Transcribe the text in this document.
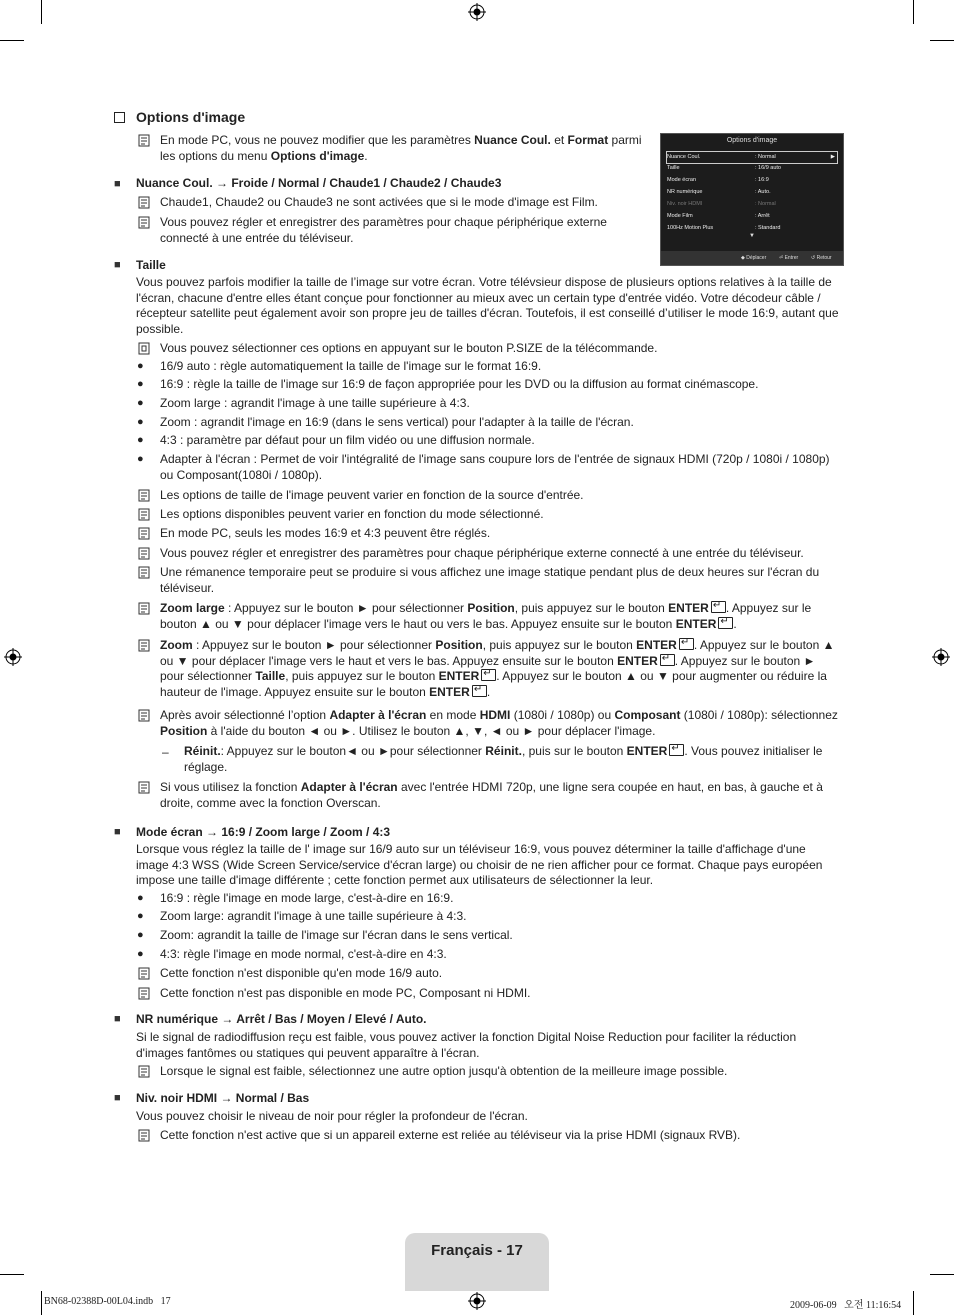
Options d'image
En mode PC, vous ne pouvez modifier que les paramètres Nuance Coul. et Format parmi les options du menu Options d'image.
Options d'image
Nuance Coul.	: Normal	▶
Taille	: 16/9 auto
Mode écran	: 16:9
NR numérique	: Auto.
Niv. noir HDMI	: Normal
Mode Film	: Arrêt
100Hz Motion Plus	: Standard
▼
◆ Déplacer	⏎ Entrer	↺ Retour
■ Nuance Coul. → Froide / Normal / Chaude1 / Chaude2 / Chaude3
Chaude1, Chaude2 ou Chaude3 ne sont activées que si le mode d'image est Film.
Vous pouvez régler et enregistrer des paramètres pour chaque périphérique externe connecté à une entrée du téléviseur.
■ Taille
Vous pouvez parfois modifier la taille de l’image sur votre écran. Votre télévsieur dispose de plusieurs options relatives à la taille de l'écran, chacune d'entre elles étant conçue pour fonctionner au mieux avec un certain type d'entrée vidéo. Votre décodeur câble / récepteur satellite peut également avoir son propre jeu de tailles d'écran. Toutefois, il est conseillé d’utiliser le mode 16:9, autant que possible.
Vous pouvez sélectionner ces options en appuyant sur le bouton P.SIZE de la télécommande.
● 16/9 auto : règle automatiquement la taille de l'image sur le format 16:9.
● 16:9 : règle la taille de l'image sur 16:9 de façon appropriée pour les DVD ou la diffusion au format cinémascope.
● Zoom large : agrandit l'image à une taille supérieure à 4:3.
● Zoom : agrandit l'image en 16:9 (dans le sens vertical) pour l'adapter à la taille de l'écran.
● 4:3 : paramètre par défaut pour un film vidéo ou une diffusion normale.
● Adapter à l'écran : Permet de voir l'intégralité de l'image sans coupure lors de l'entrée de signaux HDMI (720p / 1080i / 1080p) ou Composant(1080i / 1080p).
Les options de taille de l'image peuvent varier en fonction de la source d'entrée.
Les options disponibles peuvent varier en fonction du mode sélectionné.
En mode PC, seuls les modes 16:9 et 4:3 peuvent être réglés.
Vous pouvez régler et enregistrer des paramètres pour chaque périphérique externe connecté à une entrée du téléviseur.
Une rémanence temporaire peut se produire si vous affichez une image statique pendant plus de deux heures sur l'écran du téléviseur.
Zoom large : Appuyez sur le bouton ► pour sélectionner Position, puis appuyez sur le bouton ENTER ↵ . Appuyez sur le bouton ▲ ou ▼ pour déplacer l'image vers le haut ou vers le bas. Appuyez ensuite sur le bouton ENTER ↵ .
Zoom : Appuyez sur le bouton ► pour sélectionner Position, puis appuyez sur le bouton ENTER ↵ . Appuyez sur le bouton ▲ ou ▼ pour déplacer l'image vers le haut et vers le bas. Appuyez ensuite sur le bouton ENTER ↵ . Appuyez sur le bouton ► pour sélectionner Taille, puis appuyez sur le bouton ENTER ↵ . Appuyez sur le bouton ▲ ou ▼ pour augmenter ou réduire la hauteur de l'image. Appuyez ensuite sur le bouton ENTER ↵ .
Après avoir sélectionné l’option Adapter à l'écran en mode HDMI (1080i / 1080p) ou Composant (1080i / 1080p): sélectionnez Position à l'aide du bouton ◄ ou ►. Utilisez le bouton ▲, ▼, ◄ ou ► pour déplacer l'image.
– Réinit.: Appuyez sur le bouton◄ ou ►pour sélectionner Réinit., puis sur le bouton ENTER ↵ . Vous pouvez initialiser le réglage.
Si vous utilisez la fonction Adapter à l'écran avec l'entrée HDMI 720p, une ligne sera coupée en haut, en bas, à gauche et à droite, comme avec la fonction Overscan.
■ Mode écran → 16:9 / Zoom large / Zoom / 4:3
Lorsque vous réglez la taille de l' image sur 16/9 auto sur un téléviseur 16:9, vous pouvez déterminer la taille d'affichage d'une image 4:3 WSS (Wide Screen Service/service d'écran large) ou choisir de ne rien afficher pour ce format. Chaque pays européen impose une taille d'image différente ; cette fonction permet aux utilisateurs de sélectionner la leur.
● 16:9 : règle l'image en mode large, c'est-à-dire en 16:9.
● Zoom large: agrandit l'image à une taille supérieure à 4:3.
● Zoom: agrandit la taille de l'image sur l'écran dans le sens vertical.
● 4:3: règle l'image en mode normal, c'est-à-dire en 4:3.
Cette fonction n'est disponible qu'en mode 16/9 auto.
Cette fonction n'est pas disponible en mode PC, Composant ni HDMI.
■ NR numérique → Arrêt / Bas / Moyen / Elevé / Auto.
Si le signal de radiodiffusion reçu est faible, vous pouvez activer la fonction Digital Noise Reduction pour faciliter la réduction d'images fantômes ou statiques qui peuvent apparaître à l'écran.
Lorsque le signal est faible, sélectionnez une autre option jusqu'à obtention de la meilleure image possible.
■ Niv. noir HDMI → Normal / Bas
Vous pouvez choisir le niveau de noir pour régler la profondeur de l'écran.
Cette fonction n'est active que si un appareil externe est reliée au téléviseur via la prise HDMI (signaux RVB).
Français - 17
BN68-02388D-00L04.indb   17	2009-06-09   오전 11:16:54
